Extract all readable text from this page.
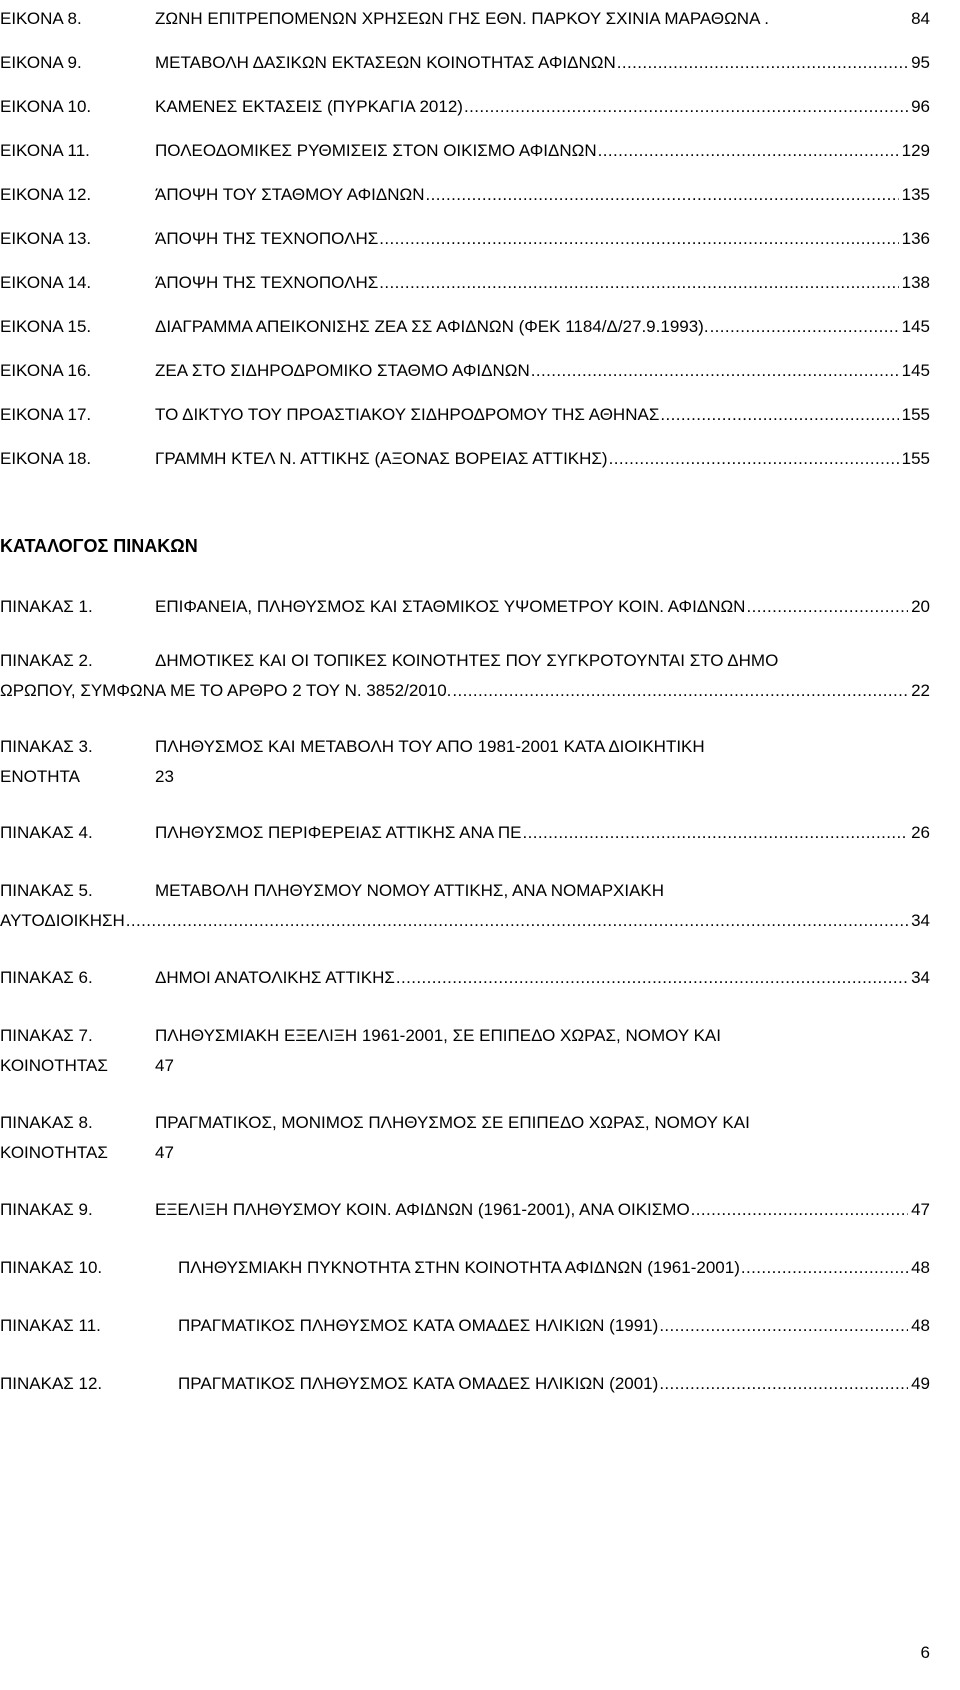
ΕΙΚΟΝΑ 8.	ΖΩΝΗ ΕΠΙΤΡΕΠΟΜΕΝΩΝ ΧΡΗΣΕΩΝ ΓΗΣ ΕΘΝ. ΠΑΡΚΟΥ ΣΧΙΝΙΑ ΜΑΡΑΘΩΝΑ .	84
ΕΙΚΟΝΑ 9.	ΜΕΤΑΒΟΛΗ ΔΑΣΙΚΩΝ ΕΚΤΑΣΕΩΝ ΚΟΙΝΟΤΗΤΑΣ ΑΦΙΔΝΩΝ .....	95
ΕΙΚΟΝΑ 10.	ΚΑΜΕΝΕΣ ΕΚΤΑΣΕΙΣ (ΠΥΡΚΑΓΙΑ 2012) .....	96
ΕΙΚΟΝΑ 11.	ΠΟΛΕΟΔΟΜΙΚΕΣ ΡΥΘΜΙΣΕΙΣ ΣΤΟΝ ΟΙΚΙΣΜΟ ΑΦΙΔΝΩΝ .....	129
ΕΙΚΟΝΑ 12.	ΆΠΟΨΗ ΤΟΥ ΣΤΑΘΜΟΥ ΑΦΙΔΝΩΝ .....	135
ΕΙΚΟΝΑ 13.	ΆΠΟΨΗ ΤΗΣ ΤΕΧΝΟΠΟΛΗΣ .....	136
ΕΙΚΟΝΑ 14.	ΆΠΟΨΗ ΤΗΣ ΤΕΧΝΟΠΟΛΗΣ .....	138
ΕΙΚΟΝΑ 15.	ΔΙΑΓΡΑΜΜΑ ΑΠΕΙΚΟΝΙΣΗΣ ΖΕΑ ΣΣ ΑΦΙΔΝΩΝ (ΦΕΚ 1184/Δ/27.9.1993). .....	145
ΕΙΚΟΝΑ 16.	ΖΕΑ ΣΤΟ ΣΙΔΗΡΟΔΡΟΜΙΚΟ ΣΤΑΘΜΟ ΑΦΙΔΝΩΝ .....	145
ΕΙΚΟΝΑ 17.	ΤΟ ΔΙΚΤΥΟ ΤΟΥ ΠΡΟΑΣΤΙΑΚΟΥ ΣΙΔΗΡΟΔΡΟΜΟΥ ΤΗΣ ΑΘΗΝΑΣ .....	155
ΕΙΚΟΝΑ 18.	ΓΡΑΜΜΗ ΚΤΕΛ Ν. ΑΤΤΙΚΗΣ (ΑΞΟΝΑΣ ΒΟΡΕΙΑΣ ΑΤΤΙΚΗΣ) .....	155
ΚΑΤΑΛΟΓΟΣ ΠΙΝΑΚΩΝ
ΠΙΝΑΚΑΣ 1.	ΕΠΙΦΑΝΕΙΑ, ΠΛΗΘΥΣΜΟΣ ΚΑΙ ΣΤΑΘΜΙΚΟΣ ΥΨΟΜΕΤΡΟΥ ΚΟΙΝ. ΑΦΙΔΝΩΝ .....	20
ΠΙΝΑΚΑΣ 2.	ΔΗΜΟΤΙΚΕΣ ΚΑΙ ΟΙ ΤΟΠΙΚΕΣ ΚΟΙΝΟΤΗΤΕΣ ΠΟΥ ΣΥΓΚΡΟΤΟΥΝΤΑΙ ΣΤΟ ΔΗΜΟ
ΩΡΩΠΟΥ, ΣΥΜΦΩΝΑ ΜΕ ΤΟ ΑΡΘΡΟ 2 ΤΟΥ Ν. 3852/2010. .....	22
ΠΙΝΑΚΑΣ 3.	ΠΛΗΘΥΣΜΟΣ ΚΑΙ ΜΕΤΑΒΟΛΗ ΤΟΥ ΑΠΟ 1981-2001 ΚΑΤΑ ΔΙΟΙΚΗΤΙΚΗ
ΕΝΟΤΗΤΑ	23
ΠΙΝΑΚΑΣ 4.	ΠΛΗΘΥΣΜΟΣ ΠΕΡΙΦΕΡΕΙΑΣ ΑΤΤΙΚΗΣ ΑΝΑ ΠΕ .....	26
ΠΙΝΑΚΑΣ 5.	ΜΕΤΑΒΟΛΗ ΠΛΗΘΥΣΜΟΥ ΝΟΜΟΥ ΑΤΤΙΚΗΣ, ΑΝΑ ΝΟΜΑΡΧΙΑΚΗ
ΑΥΤΟΔΙΟΙΚΗΣΗ .....	34
ΠΙΝΑΚΑΣ 6.	ΔΗΜΟΙ ΑΝΑΤΟΛΙΚΗΣ ΑΤΤΙΚΗΣ .....	34
ΠΙΝΑΚΑΣ 7.	ΠΛΗΘΥΣΜΙΑΚΗ ΕΞΕΛΙΞΗ 1961-2001, ΣΕ ΕΠΙΠΕΔΟ ΧΩΡΑΣ, ΝΟΜΟΥ ΚΑΙ
ΚΟΙΝΟΤΗΤΑΣ	47
ΠΙΝΑΚΑΣ 8.	ΠΡΑΓΜΑΤΙΚΟΣ, ΜΟΝΙΜΟΣ ΠΛΗΘΥΣΜΟΣ ΣΕ ΕΠΙΠΕΔΟ ΧΩΡΑΣ, ΝΟΜΟΥ ΚΑΙ
ΚΟΙΝΟΤΗΤΑΣ	47
ΠΙΝΑΚΑΣ 9.	ΕΞΕΛΙΞΗ ΠΛΗΘΥΣΜΟΥ ΚΟΙΝ. ΑΦΙΔΝΩΝ (1961-2001), ΑΝΑ ΟΙΚΙΣΜΟ .....	47
ΠΙΝΑΚΑΣ 10.	ΠΛΗΘΥΣΜΙΑΚΗ ΠΥΚΝΟΤΗΤΑ ΣΤΗΝ ΚΟΙΝΟΤΗΤΑ ΑΦΙΔΝΩΝ (1961-2001) .....	48
ΠΙΝΑΚΑΣ 11.	ΠΡΑΓΜΑΤΙΚΟΣ ΠΛΗΘΥΣΜΟΣ ΚΑΤΑ ΟΜΑΔΕΣ ΗΛΙΚΙΩΝ (1991) .....	48
ΠΙΝΑΚΑΣ 12.	ΠΡΑΓΜΑΤΙΚΟΣ ΠΛΗΘΥΣΜΟΣ ΚΑΤΑ ΟΜΑΔΕΣ ΗΛΙΚΙΩΝ (2001) .....	49
6
